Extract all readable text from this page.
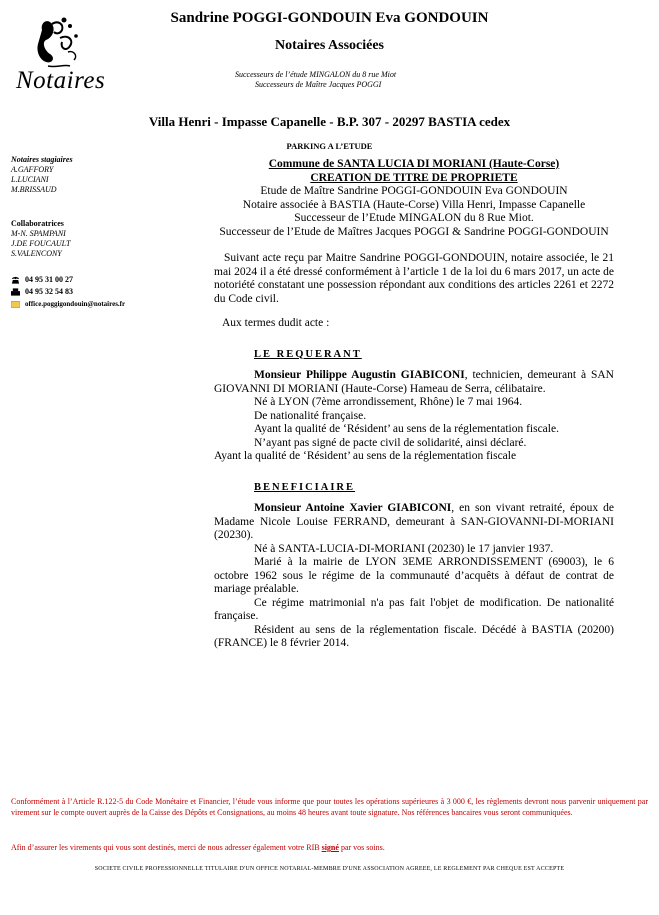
Notaires
Sandrine POGGI-GONDOUIN Eva GONDOUIN
Notaires Associées
Successeurs de l’étude MINGALON du 8 rue Miot
Successeurs de Maître Jacques POGGI
Villa Henri - Impasse Capanelle - B.P. 307 - 20297 BASTIA cedex
PARKING A L’ETUDE
Notaires stagiaires
A.GAFFORY
L.LUCIANI
M.BRISSAUD
Collaboratrices
M-N. SPAMPANI
J.DE FOUCAULT
S.VALENCONY
04 95 31 00 27
04 95 32 54 83
office.poggigondouin@notaires.fr
Commune de SANTA LUCIA DI MORIANI (Haute-Corse)
CREATION DE TITRE DE PROPRIETE
Etude de Maître Sandrine POGGI-GONDOUIN Eva GONDOUIN
Notaire associée à BASTIA (Haute-Corse) Villa Henri, Impasse Capanelle
Successeur de l’Etude MINGALON du 8 Rue Miot.
Successeur de l’Etude de Maîtres Jacques POGGI & Sandrine POGGI-GONDOUIN
Suivant acte reçu par Maitre Sandrine POGGI-GONDOUIN, notaire associée, le 21 mai 2024 il a été dressé conformément à l’article 1 de la loi du 6 mars 2017, un acte de notoriété constatant une possession répondant aux conditions des articles 2261 et 2272 du Code civil.
Aux termes dudit acte :
LE REQUERANT
Monsieur Philippe Augustin GIABICONI, technicien, demeurant à SAN GIOVANNI DI MORIANI (Haute-Corse) Hameau de Serra, célibataire.
Né à LYON (7ème arrondissement, Rhône) le 7 mai 1964.
De nationalité française.
Ayant la qualité de ‘Résident’ au sens de la réglementation fiscale.
N’ayant pas signé de pacte civil de solidarité, ainsi déclaré.
Ayant la qualité de ‘Résident’ au sens de la réglementation fiscale
BENEFICIAIRE
Monsieur Antoine Xavier GIABICONI, en son vivant retraité, époux de Madame Nicole Louise FERRAND, demeurant à SAN-GIOVANNI-DI-MORIANI (20230).
Né à SANTA-LUCIA-DI-MORIANI (20230) le 17 janvier 1937.
Marié à la mairie de LYON 3EME ARRONDISSEMENT (69003), le 6 octobre 1962 sous le régime de la communauté d’acquêts à défaut de contrat de mariage préalable.
Ce régime matrimonial n'a pas fait l'objet de modification. De nationalité française.
Résident au sens de la réglementation fiscale. Décédé à BASTIA (20200) (FRANCE) le 8 février 2014.
Conformément à l’Article R.122-5 du Code Monétaire et Financier, l’étude vous informe que pour toutes les opérations supérieures à 3 000 €, les règlements devront nous parvenir uniquement par virement sur le compte ouvert auprès de la Caisse des Dépôts et Consignations, au moins 48 heures avant toute signature. Nos références bancaires vous seront communiquées.
Afin d’assurer les virements qui vous sont destinés, merci de nous adresser également votre RIB signé par vos soins.
SOCIETE CIVILE PROFESSIONNELLE TITULAIRE D'UN OFFICE NOTARIAL-MEMBRE D'UNE ASSOCIATION AGREEE, LE REGLEMENT PAR CHEQUE EST ACCEPTE
